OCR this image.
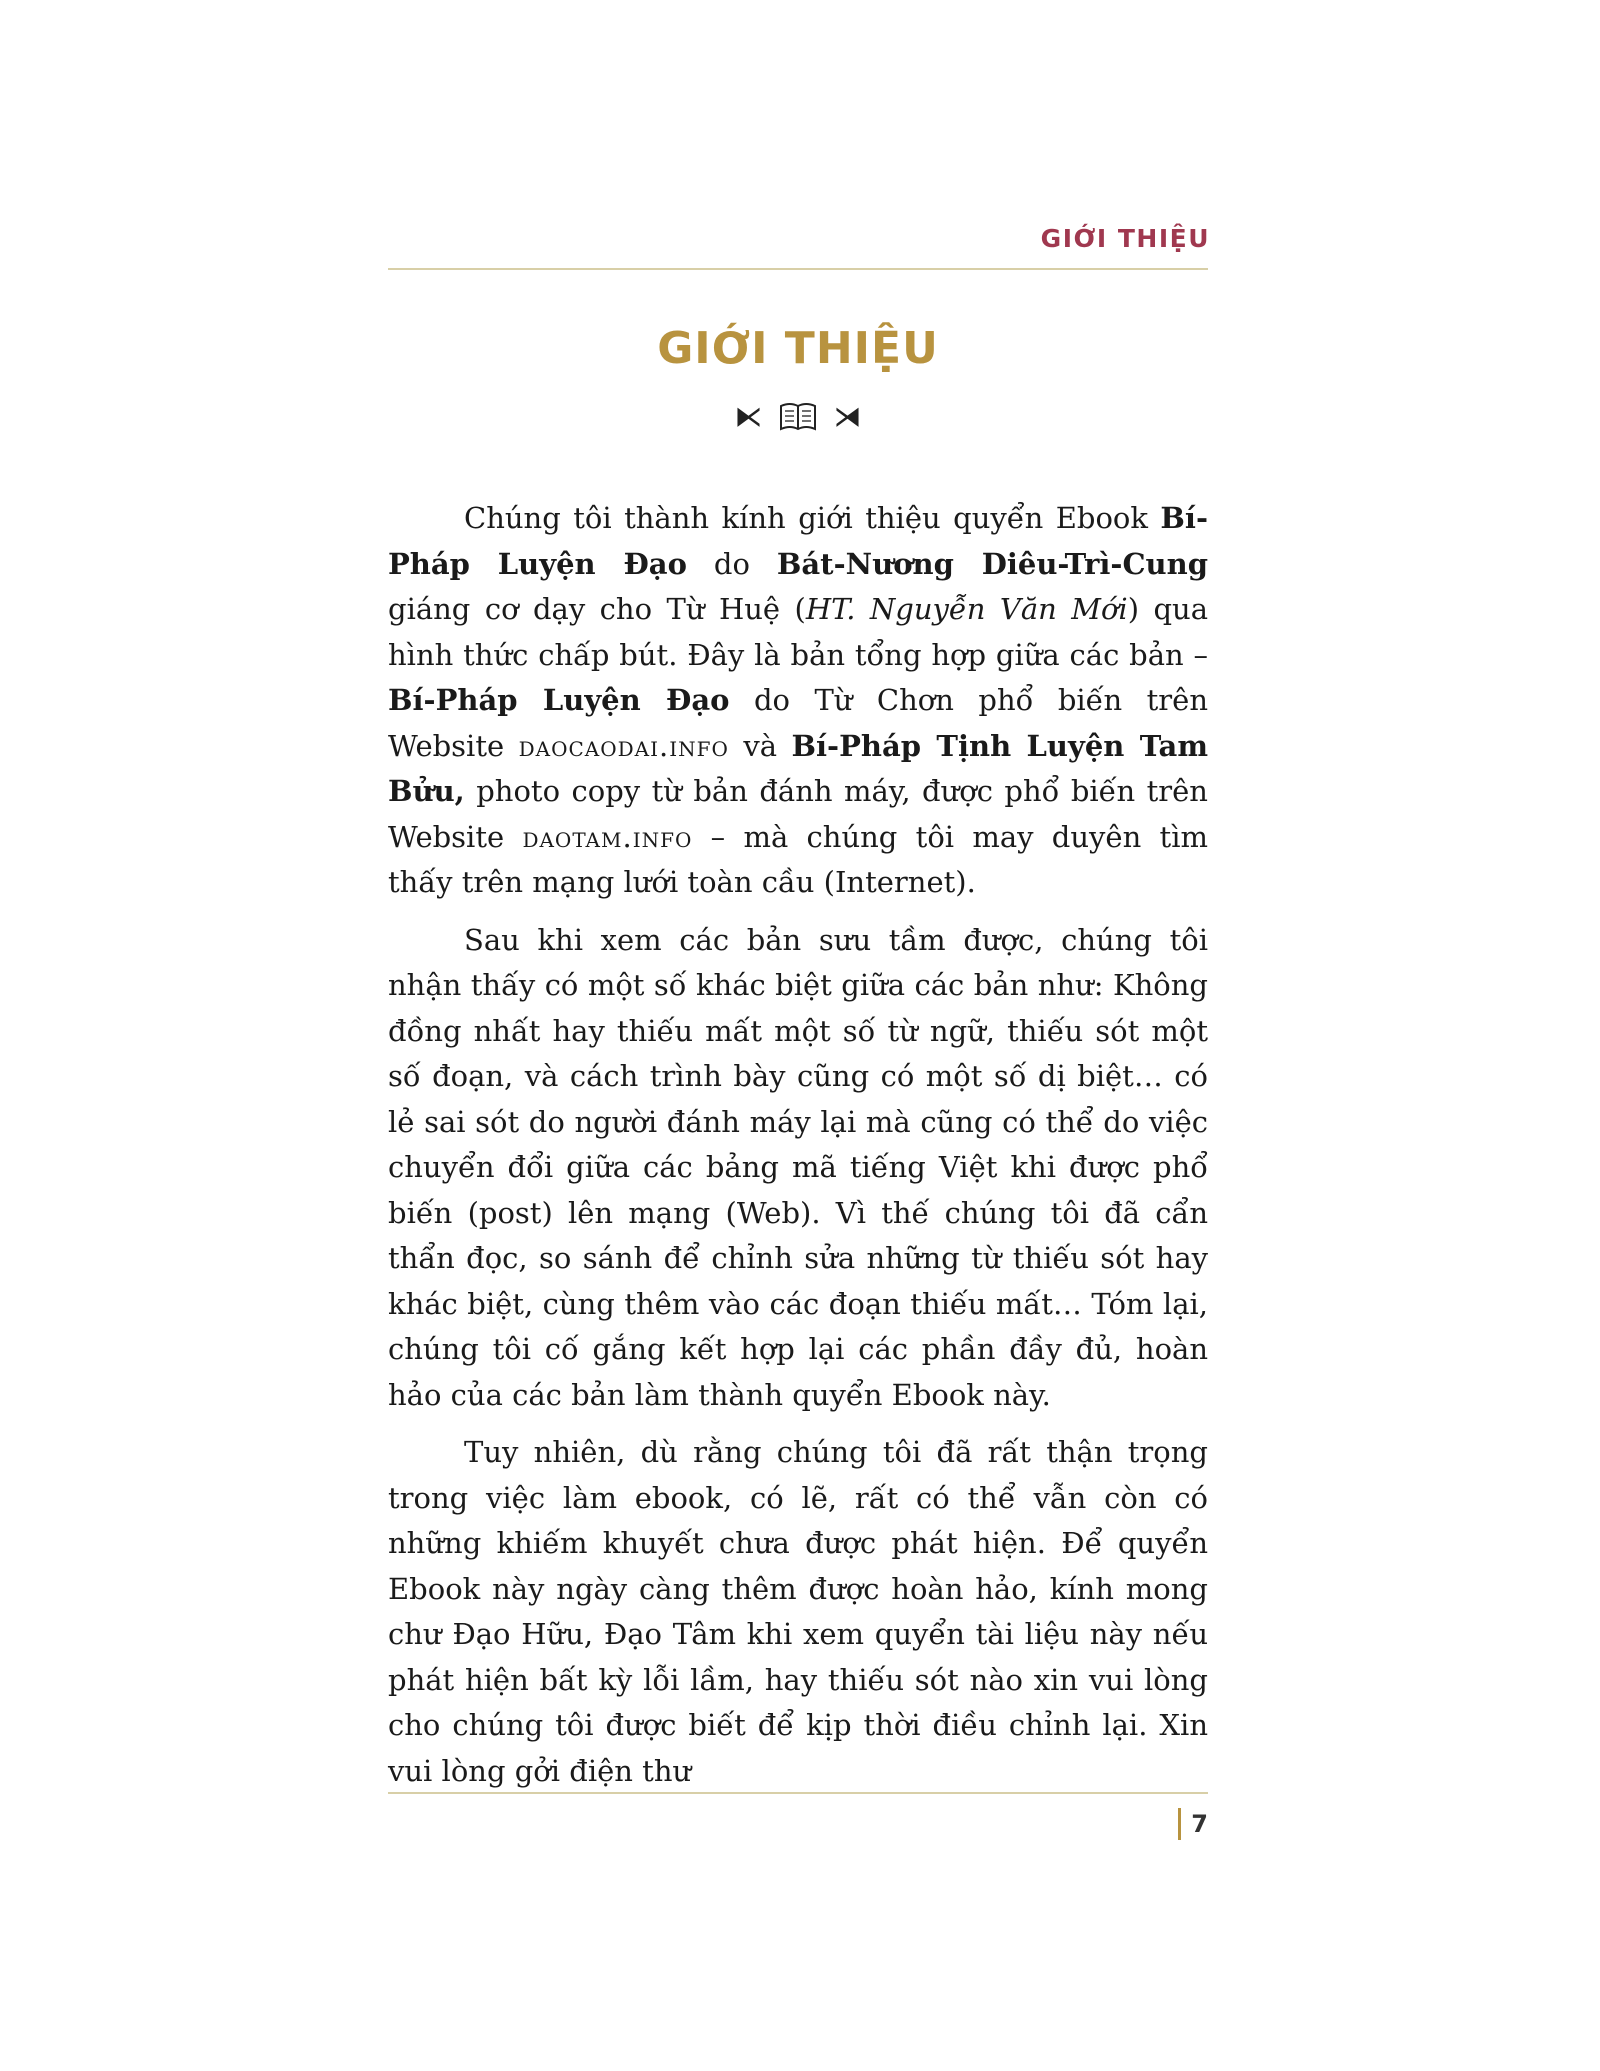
GIỚI THIỆU
GIỚI THIỆU
⧔	⧕

Chúng tôi thành kính giới thiệu quyển Ebook Bí-Pháp Luyện Đạo do Bát-Nương Diêu-Trì-Cung giáng cơ dạy cho Từ Huệ (HT. Nguyễn Văn Mới) qua hình thức chấp bút. Đây là bản tổng hợp giữa các bản – Bí-Pháp Luyện Đạo do Từ Chơn phổ biến trên Website daocaodai.info và Bí-Pháp Tịnh Luyện Tam Bửu, photo copy từ bản đánh máy, được phổ biến trên Website daotam.info – mà chúng tôi may duyên tìm thấy trên mạng lưới toàn cầu (Internet).

Sau khi xem các bản sưu tầm được, chúng tôi nhận thấy có một số khác biệt giữa các bản như: Không đồng nhất hay thiếu mất một số từ ngữ, thiếu sót một số đoạn, và cách trình bày cũng có một số dị biệt… có lẻ sai sót do người đánh máy lại mà cũng có thể do việc chuyển đổi giữa các bảng mã tiếng Việt khi được phổ biến (post) lên mạng (Web). Vì thế chúng tôi đã cẩn thẩn đọc, so sánh để chỉnh sửa những từ thiếu sót hay khác biệt, cùng thêm vào các đoạn thiếu mất… Tóm lại, chúng tôi cố gắng kết hợp lại các phần đầy đủ, hoàn hảo của các bản làm thành quyển Ebook này.

Tuy nhiên, dù rằng chúng tôi đã rất thận trọng trong việc làm ebook, có lẽ, rất có thể vẫn còn có những khiếm khuyết chưa được phát hiện. Để quyển Ebook này ngày càng thêm được hoàn hảo, kính mong chư Đạo Hữu, Đạo Tâm khi xem quyển tài liệu này nếu phát hiện bất kỳ lỗi lầm, hay thiếu sót nào xin vui lòng cho chúng tôi được biết để kịp thời điều chỉnh lại. Xin vui lòng gởi điện thư

7
